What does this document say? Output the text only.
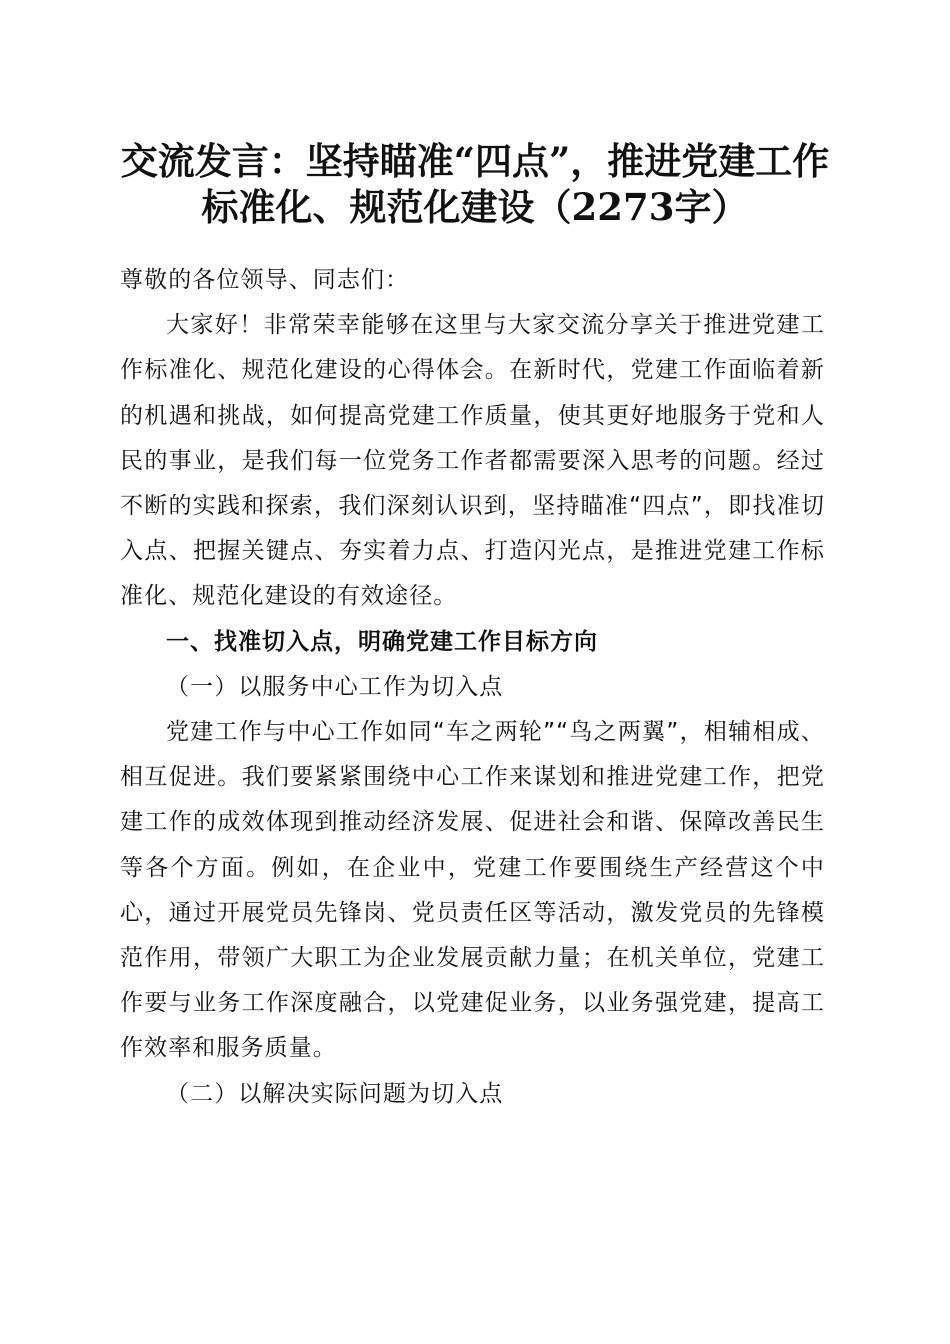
交流发言：坚持瞄准“四点”，推进党建工作
标准化、规范化建设（2273字）

尊敬的各位领导、同志们：

大家好！非常荣幸能够在这里与大家交流分享关于推进党建工作标准化、规范化建设的心得体会。在新时代，党建工作面临着新的机遇和挑战，如何提高党建工作质量，使其更好地服务于党和人民的事业，是我们每一位党务工作者都需要深入思考的问题。经过不断的实践和探索，我们深刻认识到，坚持瞄准“四点”，即找准切入点、把握关键点、夯实着力点、打造闪光点，是推进党建工作标准化、规范化建设的有效途径。

一、找准切入点，明确党建工作目标方向

（一）以服务中心工作为切入点

党建工作与中心工作如同“车之两轮”“鸟之两翼”，相辅相成、相互促进。我们要紧紧围绕中心工作来谋划和推进党建工作，把党建工作的成效体现到推动经济发展、促进社会和谐、保障改善民生等各个方面。例如，在企业中，党建工作要围绕生产经营这个中心，通过开展党员先锋岗、党员责任区等活动，激发党员的先锋模范作用，带领广大职工为企业发展贡献力量；在机关单位，党建工作要与业务工作深度融合，以党建促业务，以业务强党建，提高工作效率和服务质量。

（二）以解决实际问题为切入点
